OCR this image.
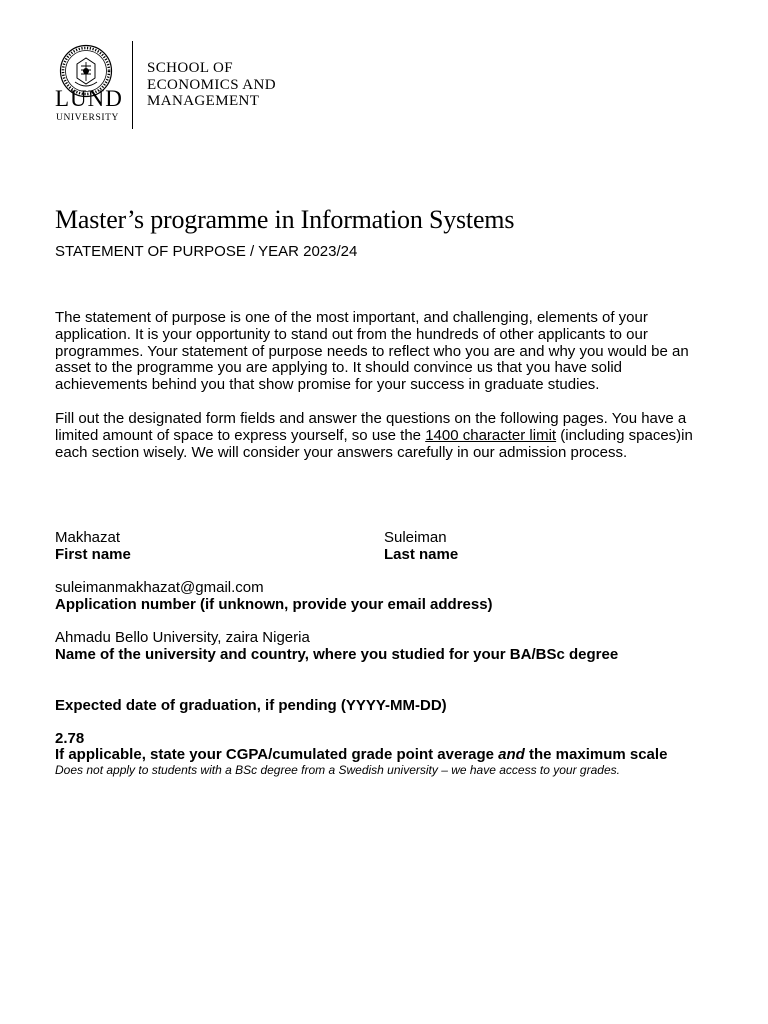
LUND
UNIVERSITY
SCHOOL OF
ECONOMICS AND
MANAGEMENT
Master’s programme in Information Systems
STATEMENT OF PURPOSE / YEAR 2023/24

The statement of purpose is one of the most important, and challenging, elements of your application. It is your opportunity to stand out from the hundreds of other applicants to our programmes. Your statement of purpose needs to reflect who you are and why you would be an asset to the programme you are applying to. It should convince us that you have solid achievements behind you that show promise for your success in graduate studies.

Fill out the designated form fields and answer the questions on the following pages. You have a limited amount of space to express yourself, so use the 1400 character limit (including spaces)in each section wisely. We will consider your answers carefully in our admission process.

Makhazat
First name
Suleiman
Last name
suleimanmakhazat@gmail.com
Application number (if unknown, provide your email address)
Ahmadu Bello University, zaira Nigeria
Name of the university and country, where you studied for your BA/BSc degree
Expected date of graduation, if pending (YYYY-MM-DD)
2.78
If applicable, state your CGPA/cumulated grade point average and the maximum scale
Does not apply to students with a BSc degree from a Swedish university – we have access to your grades.
